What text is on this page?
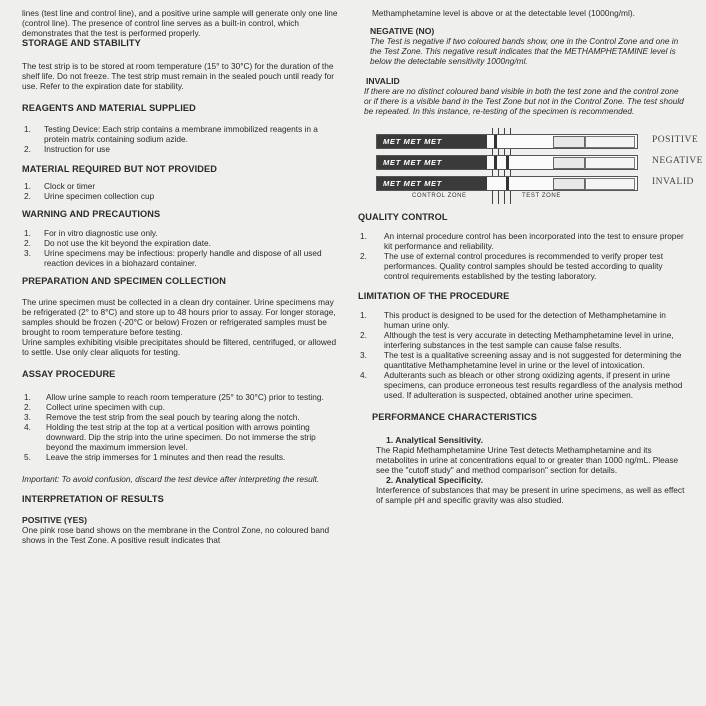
lines (test line and control line), and a positive urine sample will generate only one line (control line). The presence of control line serves as a built-in control, which demonstrates that the test is performed properly.

STORAGE AND STABILITY

The test strip is to be stored at room temperature (15° to 30°C) for the duration of the shelf life. Do not freeze. The test strip must remain in the sealed pouch until ready for use. Refer to the expiration date for stability.

REAGENTS AND MATERIAL SUPPLIED
1. Testing Device: Each strip contains a membrane immobilized reagents in a protein matrix containing sodium azide.
2. Instruction for use
MATERIAL REQUIRED BUT NOT PROVIDED
1. Clock or timer
2. Urine specimen collection cup
WARNING AND PRECAUTIONS
1. For in vitro diagnostic use only.
2. Do not use the kit beyond the expiration date.
3. Urine specimens may be infectious: properly handle and dispose of all used reaction devices in a biohazard container.
PREPARATION AND SPECIMEN COLLECTION

The urine specimen must be collected in a clean dry container. Urine specimens may be refrigerated (2° to 8°C) and store up to 48 hours prior to assay. For longer storage, samples should be frozen (-20°C or below) Frozen or refrigerated samples must be brought to room temperature before testing.

Urine samples exhibiting visible precipitates should be filtered, centrifuged, or allowed to settle. Use only clear aliquots for testing.

ASSAY PROCEDURE
1. Allow urine sample to reach room temperature (25° to 30°C) prior to testing.
2. Collect urine specimen with cup.
3. Remove the test strip from the seal pouch by tearing along the notch.
4. Holding the test strip at the top at a vertical position with arrows pointing downward. Dip the strip into the urine specimen. Do not immerse the strip beyond the maximum immersion level.
5. Leave the strip immerses for 1 minutes and then read the results.

Important: To avoid confusion, discard the test device after interpreting the result.

INTERPRETATION OF RESULTS
POSITIVE (YES)

One pink rose band shows on the membrane in the Control Zone, no coloured band shows in the Test Zone. A positive result indicates that

Methamphetamine level is above or at the detectable level (1000ng/ml).

NEGATIVE (NO)

The Test is negative if two coloured bands show, one in the Control Zone and one in the Test Zone. This negative result indicates that the METHAMPHETAMINE level is below the detectable sensitivity 1000ng/ml.

INVALID

If there are no distinct coloured band visible in both the test zone and the control zone or if there is a visible band in the Test Zone but not in the Control Zone. The test should be repeated. In this instance, re-testing of the specimen is recommended.

MET MET MET	POSITIVE
MET MET MET	NEGATIVE
MET MET MET	INVALID
CONTROL ZONE	TEST ZONE
QUALITY CONTROL
1. An internal procedure control has been incorporated into the test to ensure proper kit performance and reliability.
2. The use of external control procedures is recommended to verify proper test performances. Quality control samples should be tested according to quality control requirements established by the testing laboratory.
LIMITATION OF THE PROCEDURE
1. This product is designed to be used for the detection of Methamphetamine in human urine only.
2. Although the test is very accurate in detecting Methamphetamine level in urine, interfering substances in the test sample can cause false results.
3. The test is a qualitative screening assay and is not suggested for determining the quantitative Methamphetamine level in urine or the level of intoxication.
4. Adulterants such as bleach or other strong oxidizing agents, if present in urine specimens, can produce erroneous test results regardless of the analysis method used. If adulteration is suspected, obtained another urine specimen.
PERFORMANCE CHARACTERISTICS
1. Analytical Sensitivity.

The Rapid Methamphetamine Urine Test detects Methamphetamine and its metabolites in urine at concentrations equal to or greater than 1000 ng/mL. Please see the "cutoff study" and method comparison" section for details.

2. Analytical Specificity.

Interference of substances that may be present in urine specimens, as well as effect of sample pH and specific gravity was also studied.
